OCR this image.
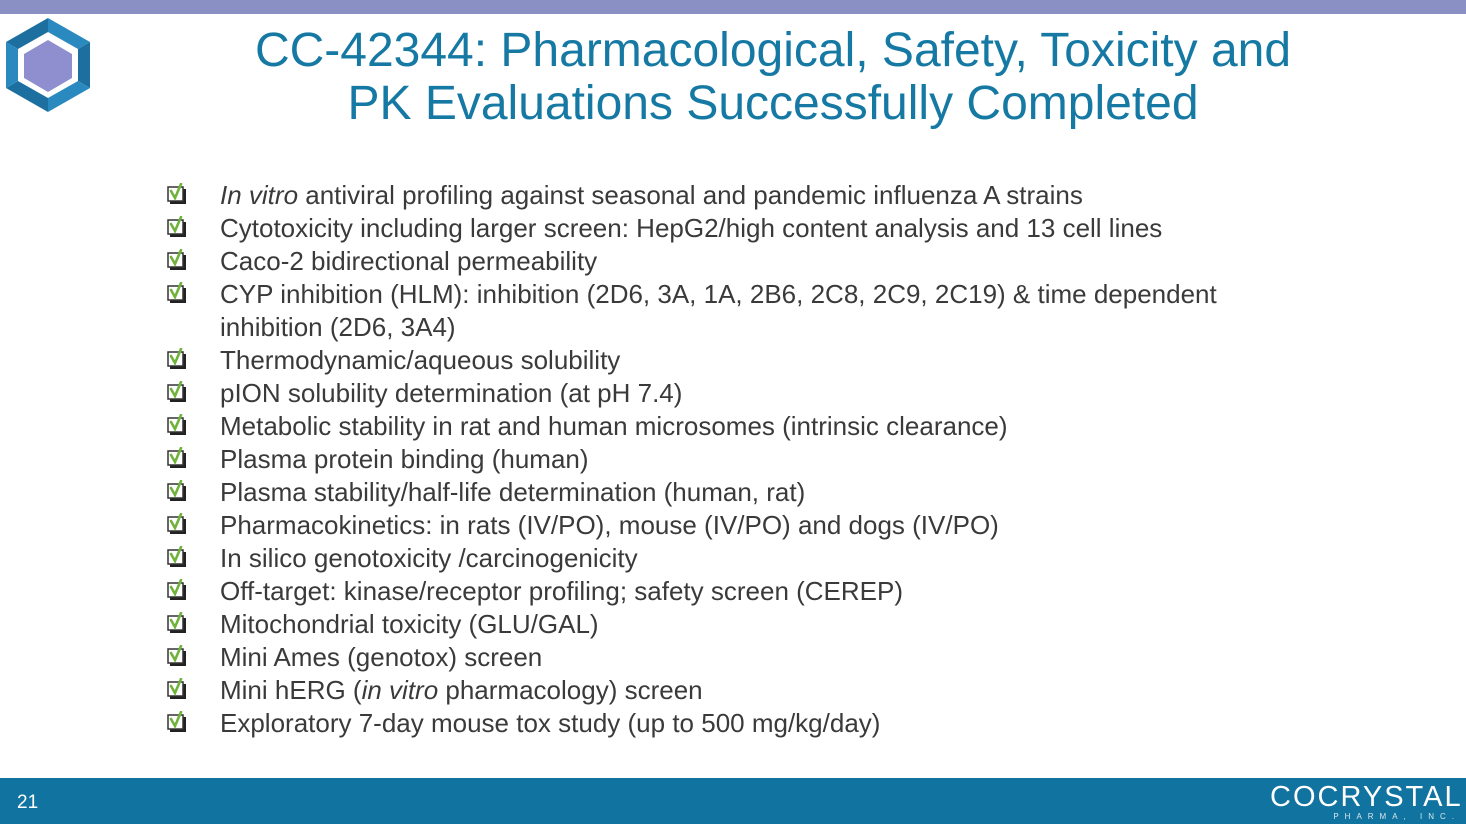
CC-42344: Pharmacological, Safety, Toxicity and
PK Evaluations Successfully Completed
In vitro antiviral profiling against seasonal and pandemic influenza A strains
Cytotoxicity including larger screen: HepG2/high content analysis and 13 cell lines
Caco-2 bidirectional permeability
CYP inhibition (HLM): inhibition (2D6, 3A, 1A, 2B6, 2C8, 2C9, 2C19) & time dependent inhibition (2D6, 3A4)
Thermodynamic/aqueous solubility
pION solubility determination (at pH 7.4)
Metabolic stability in rat and human microsomes (intrinsic clearance)
Plasma protein binding (human)
Plasma stability/half-life determination (human, rat)
Pharmacokinetics: in rats (IV/PO), mouse (IV/PO) and dogs (IV/PO)
In silico genotoxicity /carcinogenicity
Off-target: kinase/receptor profiling; safety screen (CEREP)
Mitochondrial toxicity (GLU/GAL)
Mini Ames (genotox) screen
Mini hERG (in vitro pharmacology) screen
Exploratory 7-day mouse tox study (up to 500 mg/kg/day)
21	COCRYSTAL
PHARMA, INC.
